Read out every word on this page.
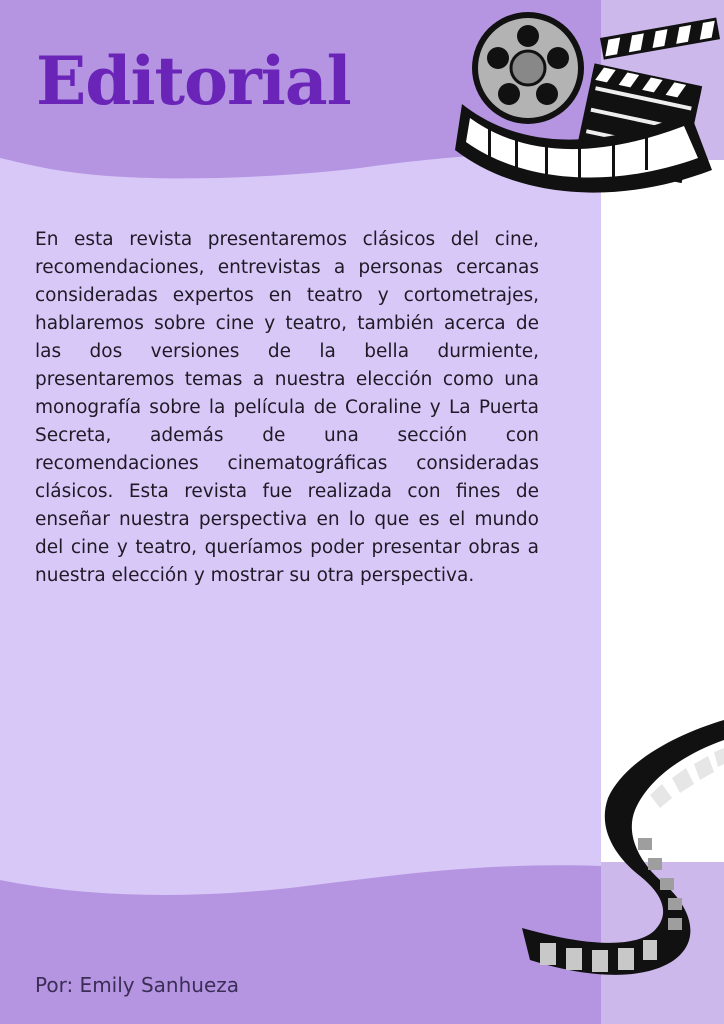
Editorial

En esta revista presentaremos clásicos del cine, recomendaciones, entrevistas a personas cercanas consideradas expertos en teatro y cortometrajes, hablaremos sobre cine y teatro, también acerca de las dos versiones de la bella durmiente, presentaremos temas a nuestra elección como una monografía sobre la película de Coraline y La Puerta Secreta, además de una sección con recomendaciones cinematográficas consideradas clásicos. Esta revista fue realizada con fines de enseñar nuestra perspectiva en lo que es el mundo del cine y teatro, queríamos poder presentar obras a nuestra elección y mostrar su otra perspectiva.

Por: Emily Sanhueza
